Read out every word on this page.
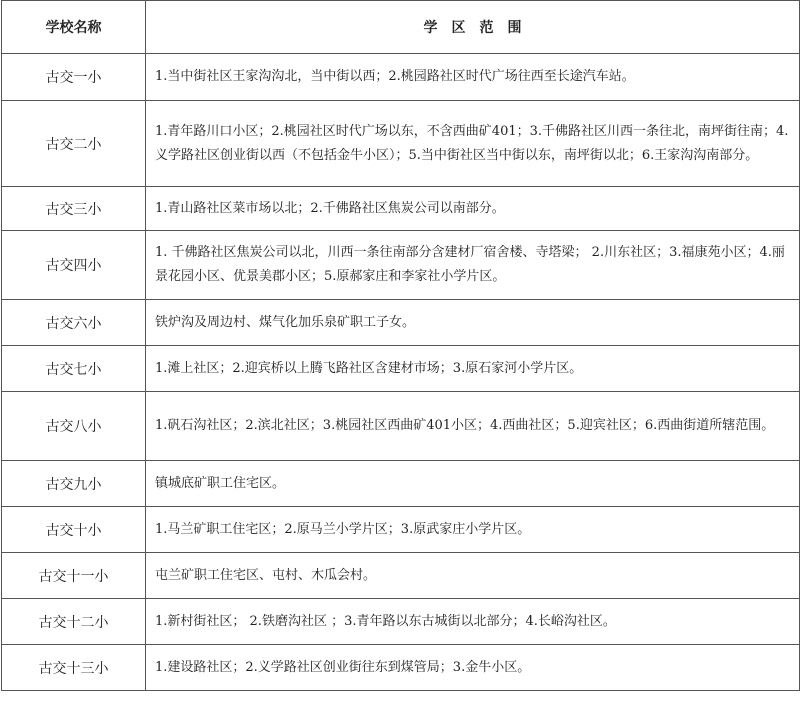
学校名称	学区范围
古交一小	1.当中街社区王家沟沟北，当中街以西；2.桃园路社区时代广场往西至长途汽车站。
古交二小	1.青年路川口小区；2.桃园社区时代广场以东，不含西曲矿401；3.千佛路社区川西一条往北，南坪街往南；4.义学路社区创业街以西（不包括金牛小区）；5.当中街社区当中街以东，南坪街以北；6.王家沟沟南部分。
古交三小	1.青山路社区菜市场以北；2.千佛路社区焦炭公司以南部分。
古交四小	1. 千佛路社区焦炭公司以北，川西一条往南部分含建材厂宿舍楼、寺塔梁； 2.川东社区；3.福康苑小区；4.丽景花园小区、优景美郡小区；5.原郝家庄和李家社小学片区。
古交六小	铁炉沟及周边村、煤气化加乐泉矿职工子女。
古交七小	1.滩上社区；2.迎宾桥以上腾飞路社区含建材市场；3.原石家河小学片区。
古交八小	1.矾石沟社区；2.滨北社区；3.桃园社区西曲矿401小区；4.西曲社区；5.迎宾社区；6.西曲街道所辖范围。
古交九小	镇城底矿职工住宅区。
古交十小	1.马兰矿职工住宅区；2.原马兰小学片区；3.原武家庄小学片区。
古交十一小	屯兰矿职工住宅区、屯村、木瓜会村。
古交十二小	1.新村街社区； 2.铁磨沟社区 ；3.青年路以东古城街以北部分；4.长峪沟社区。
古交十三小	1.建设路社区；2.义学路社区创业街往东到煤管局；3.金牛小区。
